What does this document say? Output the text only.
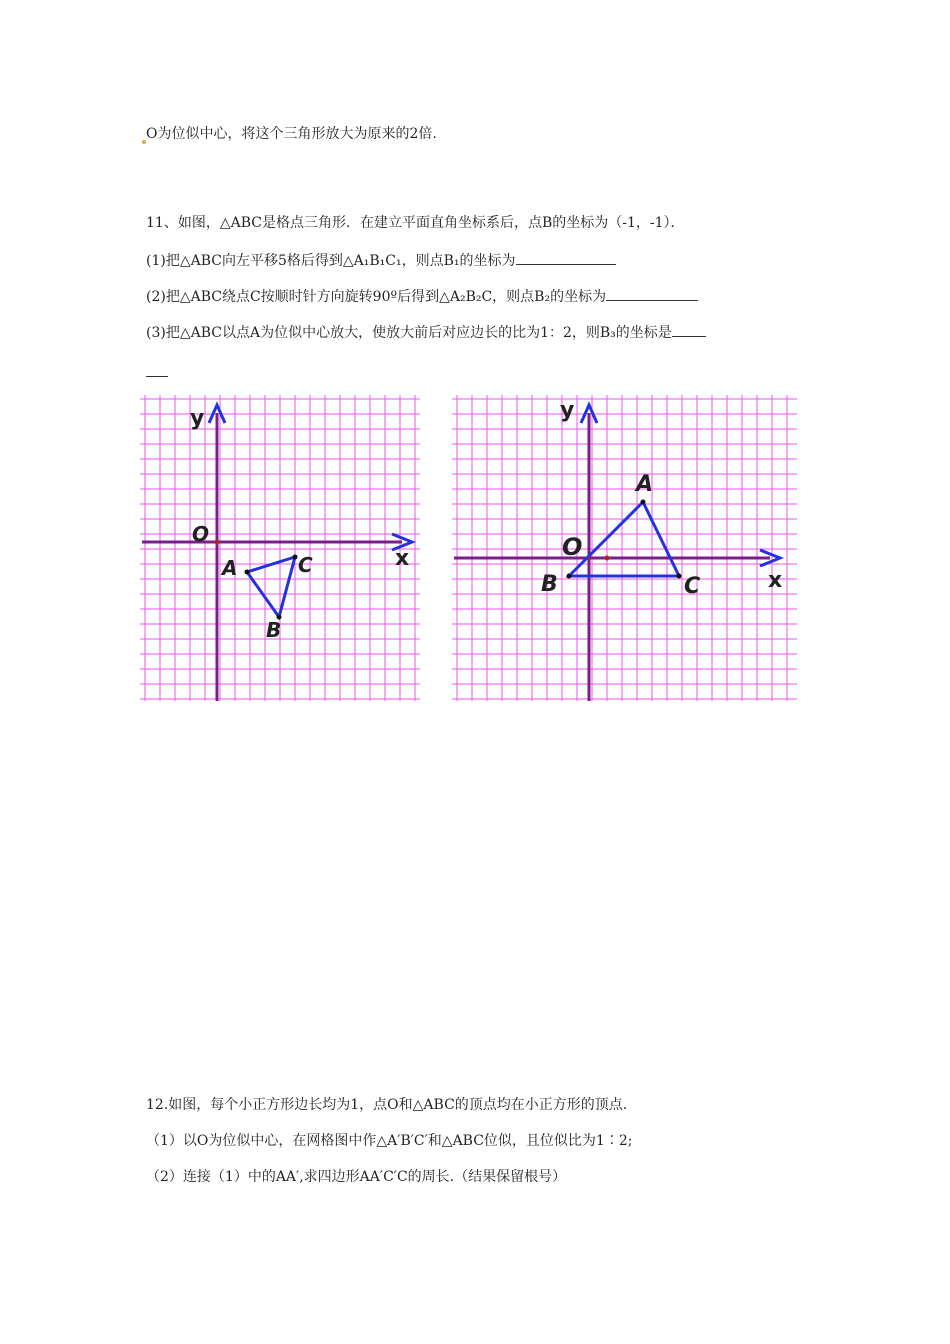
O为位似中心，将这个三角形放大为原来的2倍.
11、如图，△ABC是格点三角形．在建立平面直角坐标系后，点B的坐标为（-1，-1）．
(1)把△ABC向左平移5格后得到△A₁B₁C₁，则点B₁的坐标为
(2)把△ABC绕点C按顺时针方向旋转90º后得到△A₂B₂C，则点B₂的坐标为
(3)把△ABC以点A为位似中心放大，使放大前后对应边长的比为1：2，则B₃的坐标是
y
x
O
A
B
C
y
x
O
A
B	C
12.如图，每个小正方形边长均为1，点O和△ABC的顶点均在小正方形的顶点.
（1）以O为位似中心，在网格图中作△A′B′C′和△ABC位似，且位似比为1∶2;
（2）连接（1）中的AA′,求四边形AA′C′C的周长.（结果保留根号）
